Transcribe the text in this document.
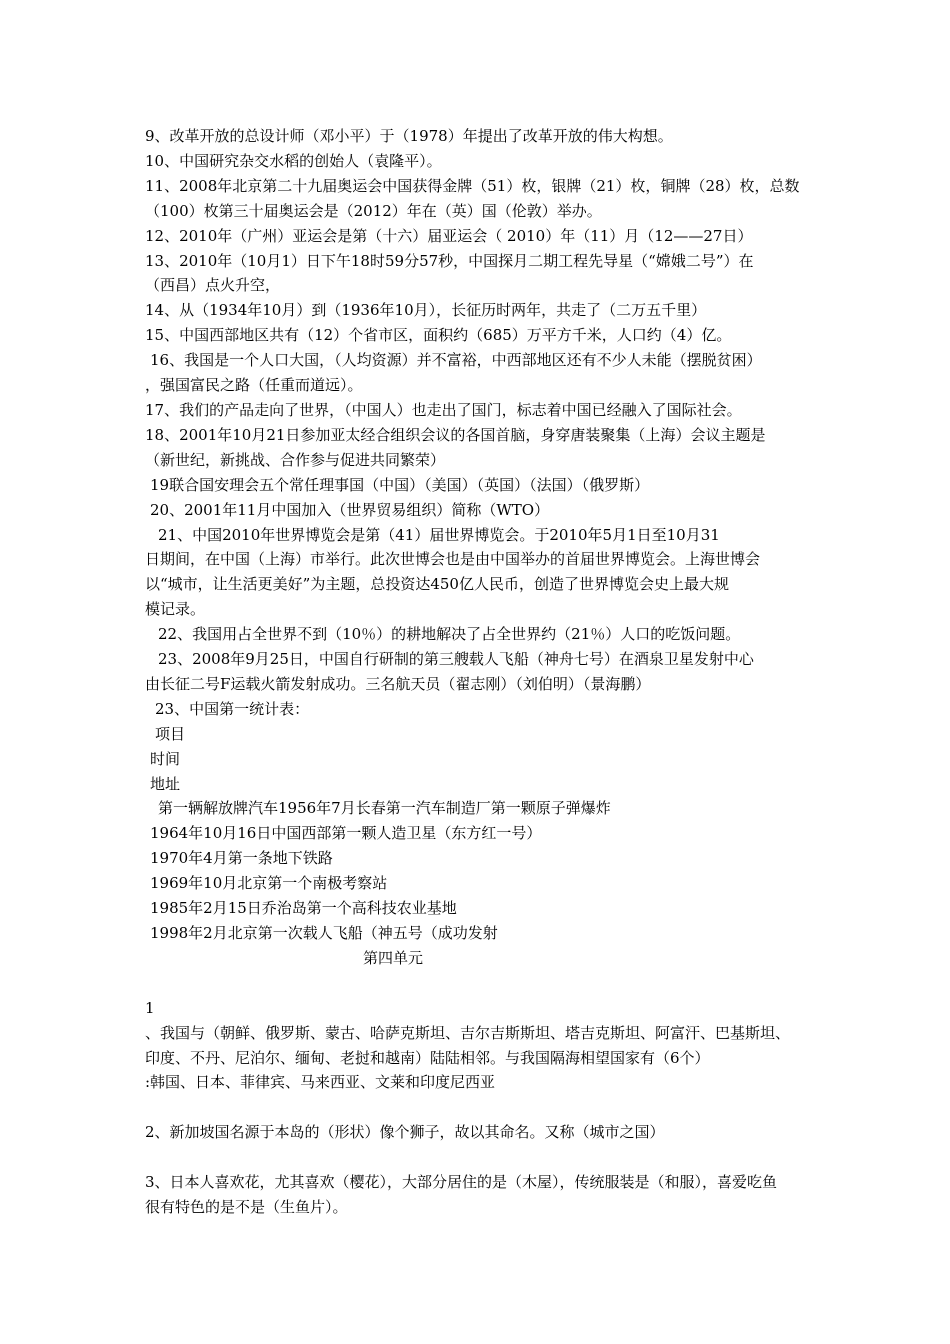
9、改革开放的总设计师（邓小平）于（1978）年提出了改革开放的伟大构想。

10、中国研究杂交水稻的创始人（袁隆平）。

11、2008年北京第二十九届奥运会中国获得金牌（51）枚，银牌（21）枚，铜牌（28）枚，总数

（100）枚第三十届奥运会是（2012）年在（英）国（伦敦）举办。

12、2010年（广州）亚运会是第（十六）届亚运会（ 2010）年（11）月（12——27日）

13、2010年（10月1）日下午18时59分57秒，中国探月二期工程先导星（“嫦娥二号”）在

（西昌）点火升空，

14、从（1934年10月）到（1936年10月），长征历时两年，共走了（二万五千里）

15、中国西部地区共有（12）个省市区，面积约（685）万平方千米，人口约（4）亿。

16、我国是一个人口大国，（人均资源）并不富裕，中西部地区还有不少人未能（摆脱贫困）

，强国富民之路（任重而道远）。

17、我们的产品走向了世界，（中国人）也走出了国门，标志着中国已经融入了国际社会。

18、2001年10月21日参加亚太经合组织会议的各国首脑，身穿唐装聚集（上海）会议主题是

（新世纪，新挑战、合作参与促进共同繁荣）

19联合国安理会五个常任理事国（中国）（美国）（英国）（法国）（俄罗斯）

20、2001年11月中国加入（世界贸易组织）简称（WTO）

21、中国2010年世界博览会是第（41）届世界博览会。于2010年5月1日至10月31

日期间，在中国（上海）市举行。此次世博会也是由中国举办的首届世界博览会。上海世博会

以“城市，让生活更美好”为主题，总投资达450亿人民币，创造了世界博览会史上最大规

模记录。

22、我国用占全世界不到（10％）的耕地解决了占全世界约（21％）人口的吃饭问题。

23、2008年9月25日，中国自行研制的第三艘载人飞船（神舟七号）在酒泉卫星发射中心

由长征二号F运载火箭发射成功。三名航天员（翟志刚）（刘伯明）（景海鹏）

23、中国第一统计表：

项目

时间

地址

第一辆解放牌汽车1956年7月长春第一汽车制造厂第一颗原子弹爆炸

1964年10月16日中国西部第一颗人造卫星（东方红一号）

1970年4月第一条地下铁路

1969年10月北京第一个南极考察站

1985年2月15日乔治岛第一个高科技农业基地

1998年2月北京第一次载人飞船（神五号（成功发射

第四单元

1

、我国与（朝鲜、俄罗斯、蒙古、哈萨克斯坦、吉尔吉斯斯坦、塔吉克斯坦、阿富汗、巴基斯坦、

印度、不丹、尼泊尔、缅甸、老挝和越南）陆陆相邻。与我国隔海相望国家有（6个）

:韩国、日本、菲律宾、马来西亚、文莱和印度尼西亚

2、新加坡国名源于本岛的（形状）像个狮子，故以其命名。又称（城市之国）

3、日本人喜欢花，尤其喜欢（樱花），大部分居住的是（木屋），传统服装是（和服），喜爱吃鱼

很有特色的是不是（生鱼片）。
